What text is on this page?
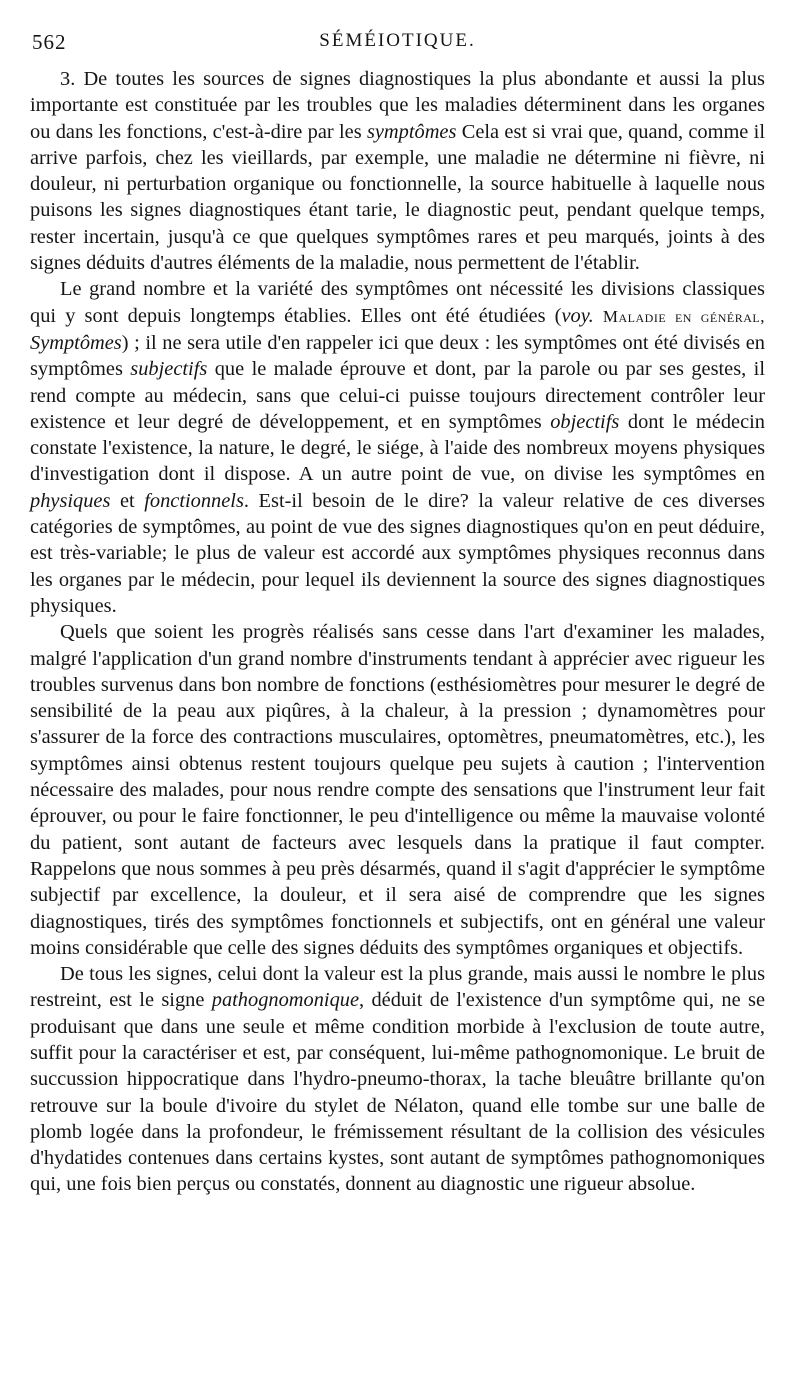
562	SÉMÉIOTIQUE.

3. De toutes les sources de signes diagnostiques la plus abondante et aussi la plus importante est constituée par les troubles que les maladies déterminent dans les organes ou dans les fonctions, c'est-à-dire par les symptômes Cela est si vrai que, quand, comme il arrive parfois, chez les vieillards, par exemple, une maladie ne détermine ni fièvre, ni douleur, ni perturbation organique ou fonctionnelle, la source habituelle à laquelle nous puisons les signes diagnostiques étant tarie, le diagnostic peut, pendant quelque temps, rester incertain, jusqu'à ce que quelques symptômes rares et peu marqués, joints à des signes déduits d'autres éléments de la maladie, nous permettent de l'établir.

Le grand nombre et la variété des symptômes ont nécessité les divisions classiques qui y sont depuis longtemps établies. Elles ont été étudiées (voy. Maladie en général, Symptômes) ; il ne sera utile d'en rappeler ici que deux : les symptômes ont été divisés en symptômes subjectifs que le malade éprouve et dont, par la parole ou par ses gestes, il rend compte au médecin, sans que celui-ci puisse toujours directement contrôler leur existence et leur degré de développement, et en symptômes objectifs dont le médecin constate l'existence, la nature, le degré, le siége, à l'aide des nombreux moyens physiques d'investigation dont il dispose. A un autre point de vue, on divise les symptômes en physiques et fonctionnels. Est-il besoin de le dire? la valeur relative de ces diverses catégories de symptômes, au point de vue des signes diagnostiques qu'on en peut déduire, est très-variable; le plus de valeur est accordé aux symptômes physiques reconnus dans les organes par le médecin, pour lequel ils deviennent la source des signes diagnostiques physiques.

Quels que soient les progrès réalisés sans cesse dans l'art d'examiner les malades, malgré l'application d'un grand nombre d'instruments tendant à apprécier avec rigueur les troubles survenus dans bon nombre de fonctions (esthésiomètres pour mesurer le degré de sensibilité de la peau aux piqûres, à la chaleur, à la pression ; dynamomètres pour s'assurer de la force des contractions musculaires, optomètres, pneumatomètres, etc.), les symptômes ainsi obtenus restent toujours quelque peu sujets à caution ; l'intervention nécessaire des malades, pour nous rendre compte des sensations que l'instrument leur fait éprouver, ou pour le faire fonctionner, le peu d'intelligence ou même la mauvaise volonté du patient, sont autant de facteurs avec lesquels dans la pratique il faut compter. Rappelons que nous sommes à peu près désarmés, quand il s'agit d'apprécier le symptôme subjectif par excellence, la douleur, et il sera aisé de comprendre que les signes diagnostiques, tirés des symptômes fonctionnels et subjectifs, ont en général une valeur moins considérable que celle des signes déduits des symptômes organiques et objectifs.

De tous les signes, celui dont la valeur est la plus grande, mais aussi le nombre le plus restreint, est le signe pathognomonique, déduit de l'existence d'un symptôme qui, ne se produisant que dans une seule et même condition morbide à l'exclusion de toute autre, suffit pour la caractériser et est, par conséquent, lui-même pathognomonique. Le bruit de succussion hippocratique dans l'hydro-pneumo-thorax, la tache bleuâtre brillante qu'on retrouve sur la boule d'ivoire du stylet de Nélaton, quand elle tombe sur une balle de plomb logée dans la profondeur, le frémissement résultant de la collision des vésicules d'hydatides contenues dans certains kystes, sont autant de symptômes pathognomoniques qui, une fois bien perçus ou constatés, donnent au diagnostic une rigueur absolue.
